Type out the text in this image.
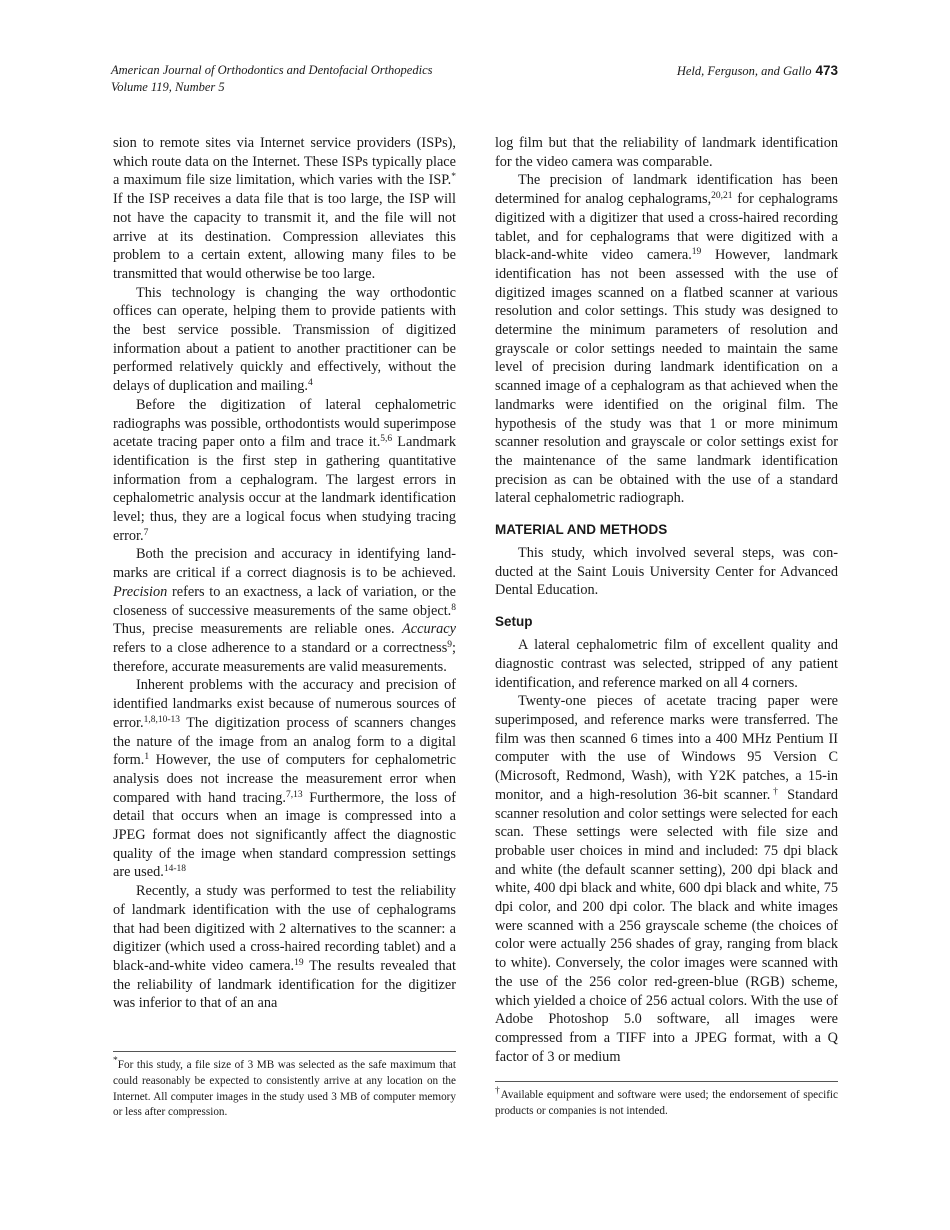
American Journal of Orthodontics and Dentofacial Orthopedics
Volume 119, Number 5
Held, Ferguson, and Gallo 473

sion to remote sites via Internet service providers (ISPs), which route data on the Internet. These ISPs typically place a maximum file size limitation, which varies with the ISP.* If the ISP receives a data file that is too large, the ISP will not have the capacity to transmit it, and the file will not arrive at its destination. Compression alleviates this problem to a certain extent, allowing many files to be transmitted that would otherwise be too large.

This technology is changing the way orthodontic offices can operate, helping them to provide patients with the best service possible. Transmission of digitized information about a patient to another practitioner can be performed relatively quickly and effectively, without the delays of duplication and mailing.$^4$

Before the digitization of lateral cephalometric radiographs was possible, orthodontists would superimpose acetate tracing paper onto a film and trace it.$^{5,6}$ Landmark identification is the first step in gathering quantitative information from a cephalogram. The largest errors in cephalometric analysis occur at the landmark identification level; thus, they are a logical focus when studying tracing error.$^7$

Both the precision and accuracy in identifying landmarks are critical if a correct diagnosis is to be achieved. Precision refers to an exactness, a lack of variation, or the closeness of successive measurements of the same object.$^8$ Thus, precise measurements are reliable ones. Accuracy refers to a close adherence to a standard or a correctness$^9$; therefore, accurate measurements are valid measurements.

Inherent problems with the accuracy and precision of identified landmarks exist because of numerous sources of error.$^{1,8,10-13}$ The digitization process of scanners changes the nature of the image from an analog form to a digital form.$^1$ However, the use of computers for cephalometric analysis does not increase the measurement error when compared with hand tracing.$^{7,13}$ Furthermore, the loss of detail that occurs when an image is compressed into a JPEG format does not significantly affect the diagnostic quality of the image when standard compression settings are used.$^{14-18}$

Recently, a study was performed to test the reliability of landmark identification with the use of cephalograms that had been digitized with 2 alternatives to the scanner: a digitizer (which used a cross-haired recording tablet) and a black-and-white video camera.$^{19}$ The results revealed that the reliability of landmark identification for the digitizer was inferior to that of an ana

*For this study, a file size of 3 MB was selected as the safe maximum that could reasonably be expected to consistently arrive at any location on the Internet. All computer images in the study used 3 MB of computer memory or less after compression.

log film but that the reliability of landmark identification for the video camera was comparable.

The precision of landmark identification has been determined for analog cephalograms,$^{20,21}$ for cephalograms digitized with a digitizer that used a cross-haired recording tablet, and for cephalograms that were digitized with a black-and-white video camera.$^{19}$ However, landmark identification has not been assessed with the use of digitized images scanned on a flatbed scanner at various resolution and color settings. This study was designed to determine the minimum parameters of resolution and grayscale or color settings needed to maintain the same level of precision during landmark identification on a scanned image of a cephalogram as that achieved when the landmarks were identified on the original film. The hypothesis of the study was that 1 or more minimum scanner resolution and grayscale or color settings exist for the maintenance of the same landmark identification precision as can be obtained with the use of a standard lateral cephalometric radiograph.

MATERIAL AND METHODS

This study, which involved several steps, was conducted at the Saint Louis University Center for Advanced Dental Education.

Setup

A lateral cephalometric film of excellent quality and diagnostic contrast was selected, stripped of any patient identification, and reference marked on all 4 corners.

Twenty-one pieces of acetate tracing paper were superimposed, and reference marks were transferred. The film was then scanned 6 times into a 400 MHz Pentium II computer with the use of Windows 95 Version C (Microsoft, Redmond, Wash), with Y2K patches, a 15-in monitor, and a high-resolution 36-bit scanner.† Standard scanner resolution and color settings were selected for each scan. These settings were selected with file size and probable user choices in mind and included: 75 dpi black and white (the default scanner setting), 200 dpi black and white, 400 dpi black and white, 600 dpi black and white, 75 dpi color, and 200 dpi color. The black and white images were scanned with a 256 grayscale scheme (the choices of color were actually 256 shades of gray, ranging from black to white). Conversely, the color images were scanned with the use of the 256 color red-green-blue (RGB) scheme, which yielded a choice of 256 actual colors. With the use of Adobe Photoshop 5.0 software, all images were compressed from a TIFF into a JPEG format, with a Q factor of 3 or medium

†Available equipment and software were used; the endorsement of specific products or companies is not intended.
